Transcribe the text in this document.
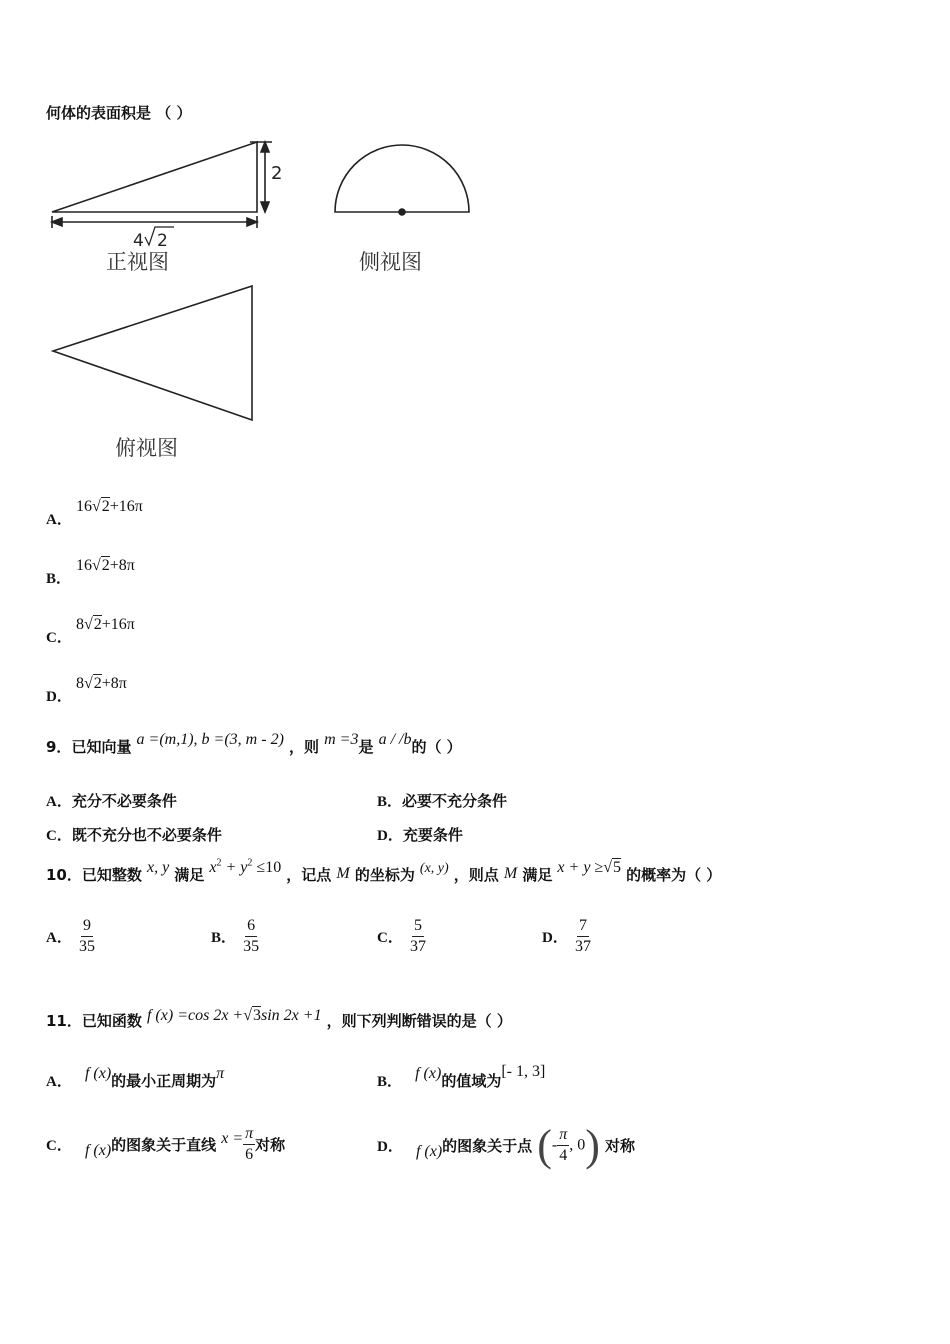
何体的表面积是 （ ）
2
4 2
正视图	侧视图
俯视图
A．
16√2+16π
B．
16√2+8π
C．
8√2+16π
D．
8√2+8π
9．已知向量 a =(m,1), b =(3, m - 2) ，则 m =3是 a / /b的（ ）
A．充分不必要条件	B．必要不充分条件
C．既不充分也不必要条件	D．充要条件
10．已知整数 x, y 满足 $x^2 + y^2 \le 10$ ，记点 M 的坐标为 (x, y) ，则点 M 满足 x + y ≥√5 的概率为（ ）
A． $\frac{9}{35}$	B． $\frac{6}{35}$	C． $\frac{5}{37}$	D． $\frac{7}{37}$
11．已知函数 f (x) =cos 2x +√3sin 2x +1 ，则下列判断错误的是（ ）
A． f (x)的最小正周期为π	B． f (x)的值域为[- 1, 3]
C． f (x)的图象关于直线 $x = \frac{\pi}{6}$ 对称	D． f (x)的图象关于点 (- $\frac{\pi}{4}$ , 0) 对称
